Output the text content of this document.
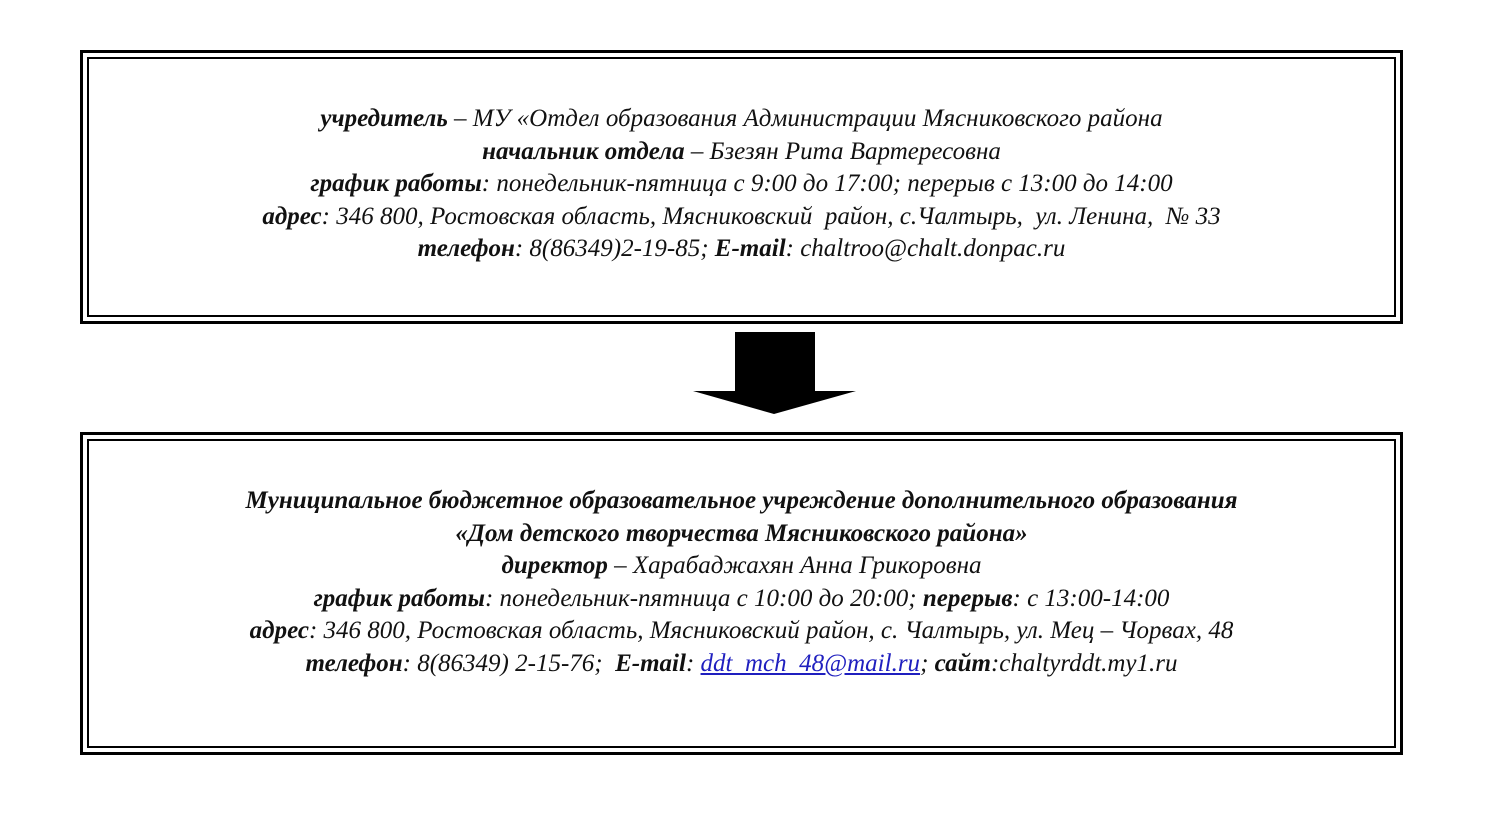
учредитель – МУ «Отдел образования Администрации Мясниковского района
начальник отдела – Бзезян Рита Вартересовна
график работы: понедельник-пятница с 9:00 до 17:00; перерыв с 13:00 до 14:00
адрес: 346 800, Ростовская область, Мясниковский  район, с.Чалтырь,  ул. Ленина,  № 33
телефон: 8(86349)2-19-85; E-mail: chaltroo@chalt.donpac.ru
Муниципальное бюджетное образовательное учреждение дополнительного образования
«Дом детского творчества Мясниковского района»
директор – Харабаджахян Анна Грикоровна
график работы: понедельник-пятница с 10:00 до 20:00; перерыв: с 13:00-14:00
адрес: 346 800, Ростовская область, Мясниковский район, с. Чалтырь, ул. Мец – Чорвах, 48
телефон: 8(86349) 2-15-76;  E-mail: ddt_mch_48@mail.ru; сайт:chaltyrddt.my1.ru
